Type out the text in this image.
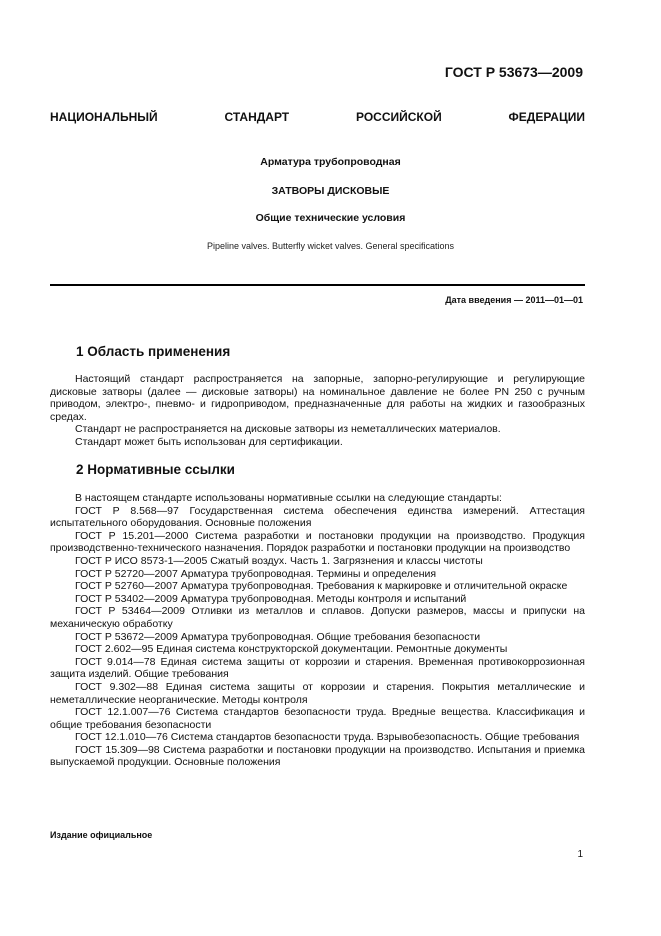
ГОСТ Р 53673—2009
НАЦИОНАЛЬНЫЙ	СТАНДАРТ	РОССИЙСКОЙ	ФЕДЕРАЦИИ
Арматура трубопроводная
ЗАТВОРЫ ДИСКОВЫЕ
Общие технические условия
Pipeline valves. Butterfly wicket valves. General specifications
Дата введения — 2011—01—01
1 Область применения

Настоящий стандарт распространяется на запорные, запорно-регулирующие и регулирующие дисковые затворы (далее — дисковые затворы) на номинальное давление не более PN 250 с ручным приводом, электро-, пневмо- и гидроприводом, предназначенные для работы на жидких и газообразных средах.

Стандарт не распространяется на дисковые затворы из неметаллических материалов.

Стандарт может быть использован для сертификации.

2 Нормативные ссылки

В настоящем стандарте использованы нормативные ссылки на следующие стандарты:

ГОСТ Р 8.568—97 Государственная система обеспечения единства измерений. Аттестация испытательного оборудования. Основные положения

ГОСТ Р 15.201—2000 Система разработки и постановки продукции на производство. Продукция производственно-технического назначения. Порядок разработки и постановки продукции на производство

ГОСТ Р ИСО 8573-1—2005 Сжатый воздух. Часть 1. Загрязнения и классы чистоты

ГОСТ Р 52720—2007 Арматура трубопроводная. Термины и определения

ГОСТ Р 52760—2007 Арматура трубопроводная. Требования к маркировке и отличительной окраске

ГОСТ Р 53402—2009 Арматура трубопроводная. Методы контроля и испытаний

ГОСТ Р 53464—2009 Отливки из металлов и сплавов. Допуски размеров, массы и припуски на механическую обработку

ГОСТ Р 53672—2009 Арматура трубопроводная. Общие требования безопасности

ГОСТ 2.602—95 Единая система конструкторской документации. Ремонтные документы

ГОСТ 9.014—78 Единая система защиты от коррозии и старения. Временная противокоррозионная защита изделий. Общие требования

ГОСТ 9.302—88 Единая система защиты от коррозии и старения. Покрытия металлические и неметаллические неорганические. Методы контроля

ГОСТ 12.1.007—76 Система стандартов безопасности труда. Вредные вещества. Классификация и общие требования безопасности

ГОСТ 12.1.010—76 Система стандартов безопасности труда. Взрывобезопасность. Общие требования

ГОСТ 15.309—98 Система разработки и постановки продукции на производство. Испытания и приемка выпускаемой продукции. Основные положения

Издание официальное
1
